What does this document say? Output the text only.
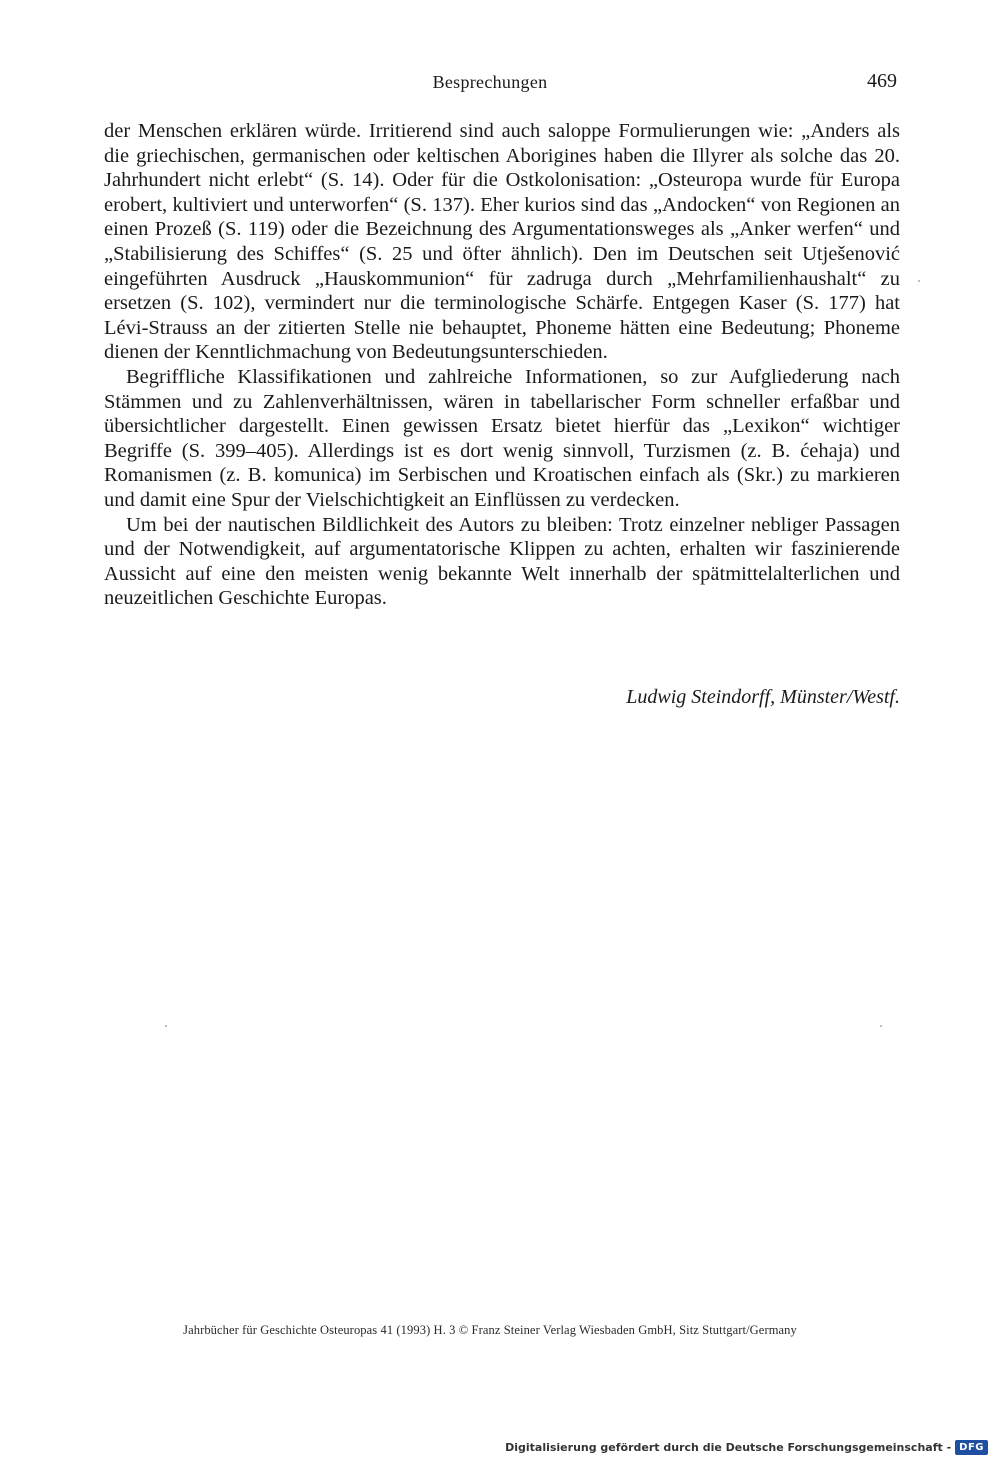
Besprechungen	469

der Menschen erklären würde. Irritierend sind auch saloppe Formulierungen wie: „Anders als die griechischen, germanischen oder keltischen Aborigines haben die Illyrer als solche das 20. Jahrhundert nicht erlebt“ (S. 14). Oder für die Ostkolonisation: „Osteuropa wurde für Europa erobert, kultiviert und unterworfen“ (S. 137). Eher kurios sind das „Andocken“ von Regionen an einen Prozeß (S. 119) oder die Bezeichnung des Argumentationsweges als „Anker werfen“ und „Stabilisierung des Schiffes“ (S. 25 und öfter ähnlich). Den im Deutschen seit Utješenović eingeführten Ausdruck „Hauskommunion“ für zadruga durch „Mehrfamilienhaushalt“ zu ersetzen (S. 102), vermindert nur die terminologische Schärfe. Entgegen Kaser (S. 177) hat Lévi-Strauss an der zitierten Stelle nie behauptet, Phoneme hätten eine Bedeutung; Phoneme dienen der Kenntlichmachung von Bedeutungsunterschieden.

Begriffliche Klassifikationen und zahlreiche Informationen, so zur Aufgliederung nach Stämmen und zu Zahlenverhältnissen, wären in tabellarischer Form schneller erfaßbar und übersichtlicher dargestellt. Einen gewissen Ersatz bietet hierfür das „Lexikon“ wichtiger Begriffe (S. 399–405). Allerdings ist es dort wenig sinnvoll, Turzismen (z. B. ćehaja) und Romanismen (z. B. komunica) im Serbischen und Kroatischen einfach als (Skr.) zu markieren und damit eine Spur der Vielschichtigkeit an Einflüssen zu verdecken.

Um bei der nautischen Bildlichkeit des Autors zu bleiben: Trotz einzelner nebliger Passagen und der Notwendigkeit, auf argumentatorische Klippen zu achten, erhalten wir faszinierende Aussicht auf eine den meisten wenig bekannte Welt innerhalb der spätmittelalterlichen und neuzeitlichen Geschichte Europas.

Ludwig Steindorff, Münster/Westf.
Jahrbücher für Geschichte Osteuropas 41 (1993) H. 3 © Franz Steiner Verlag Wiesbaden GmbH, Sitz Stuttgart/Germany
Digitalisierung gefördert durch die Deutsche Forschungsgemeinschaft - DFG
